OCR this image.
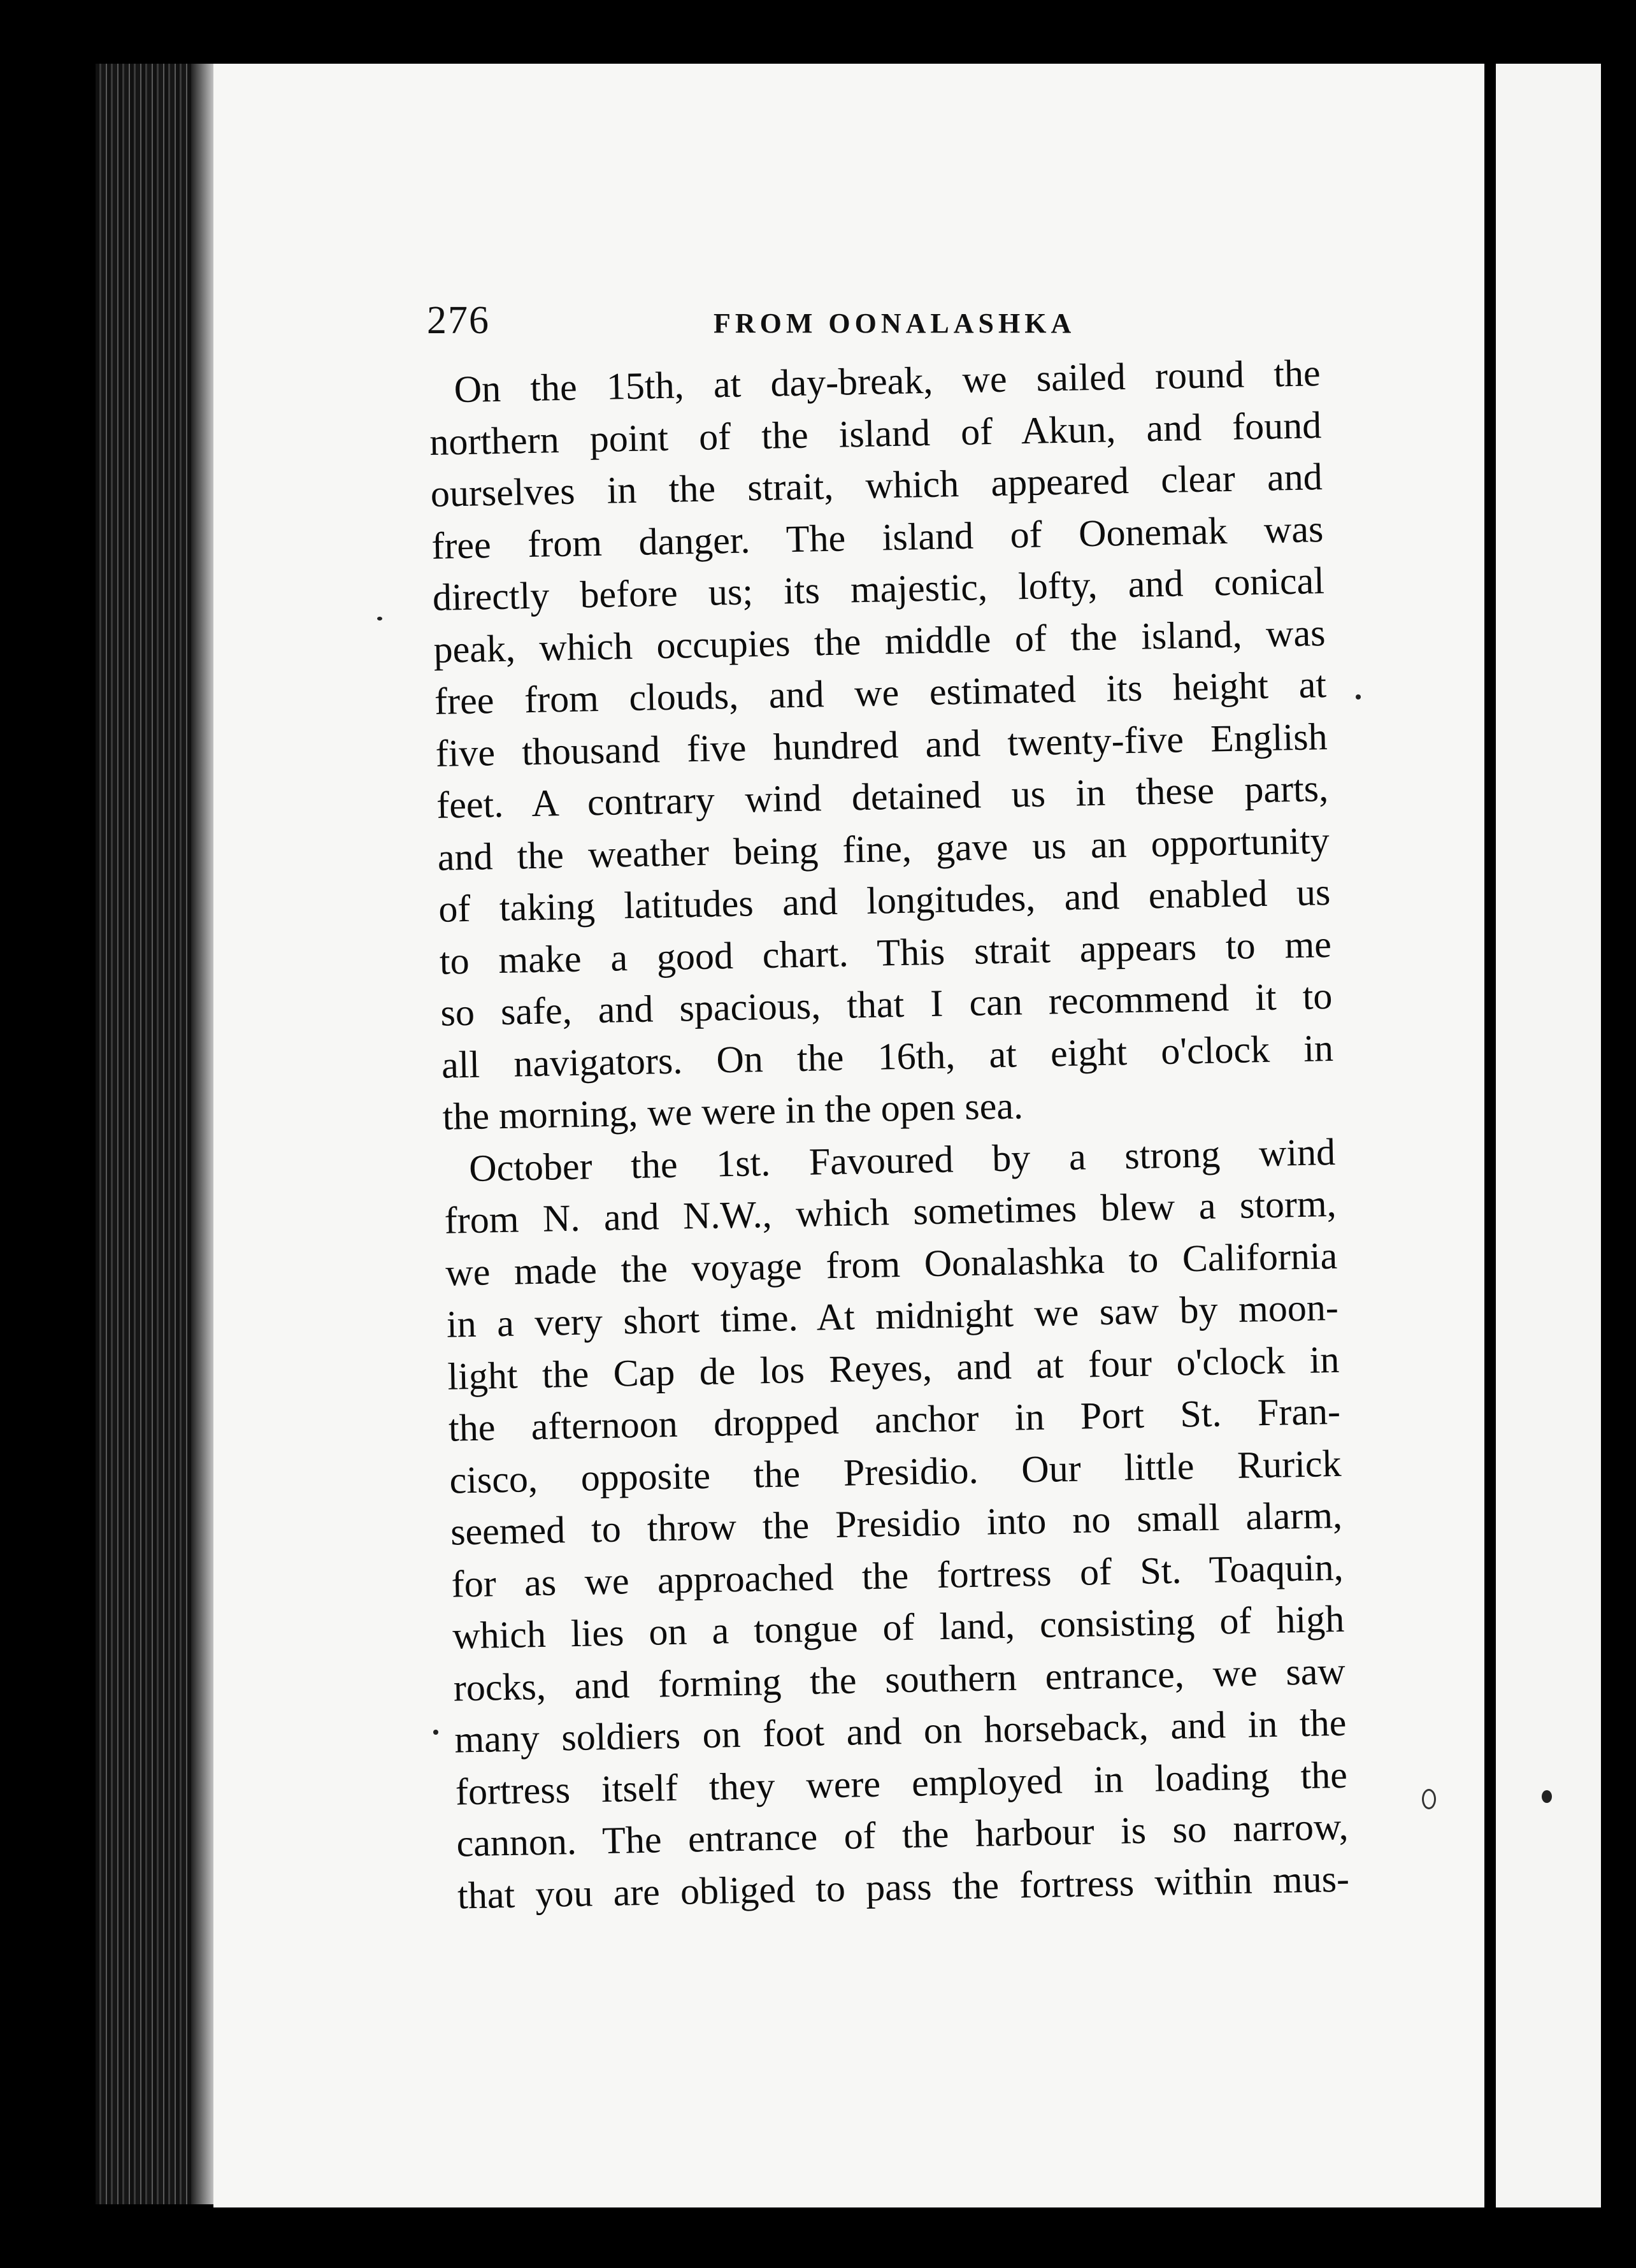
276	FROM OONALASHKA
On the 15th, at day-break, we sailed round the
northern point of the island of Akun, and found
ourselves in the strait, which appeared clear and
free from danger. The island of Oonemak was
directly before us; its majestic, lofty, and conical
peak, which occupies the middle of the island, was
free from clouds, and we estimated its height at
five thousand five hundred and twenty-five English
feet. A contrary wind detained us in these parts,
and the weather being fine, gave us an opportunity
of taking latitudes and longitudes, and enabled us
to make a good chart. This strait appears to me
so safe, and spacious, that I can recommend it to
all navigators. On the 16th, at eight o'clock in
the morning, we were in the open sea.
October the 1st. Favoured by a strong wind
from N. and N.W., which sometimes blew a storm,
we made the voyage from Oonalashka to California
in a very short time. At midnight we saw by moon-
light the Cap de los Reyes, and at four o'clock in
the afternoon dropped anchor in Port St. Fran-
cisco, opposite the Presidio. Our little Rurick
seemed to throw the Presidio into no small alarm,
for as we approached the fortress of St. Toaquin,
which lies on a tongue of land, consisting of high
rocks, and forming the southern entrance, we saw
many soldiers on foot and on horseback, and in the
fortress itself they were employed in loading the
cannon. The entrance of the harbour is so narrow,
that you are obliged to pass the fortress within mus-
